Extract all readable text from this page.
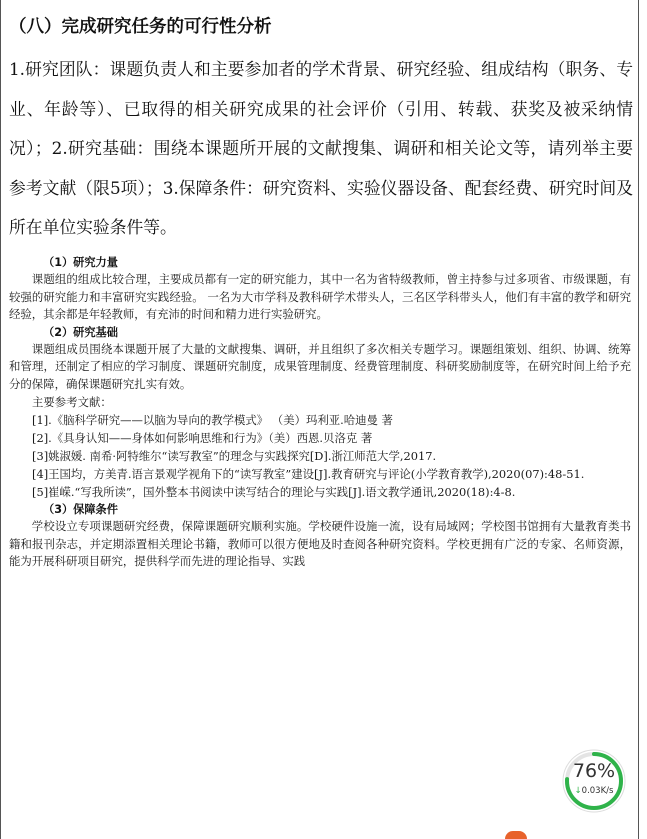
（八）完成研究任务的可行性分析
1.研究团队：课题负责人和主要参加者的学术背景、研究经验、组成结构（职务、专业、年龄等）、已取得的相关研究成果的社会评价（引用、转载、获奖及被采纳情况）；2.研究基础：围绕本课题所开展的文献搜集、调研和相关论文等，请列举主要参考文献（限5项）；3.保障条件：研究资料、实验仪器设备、配套经费、研究时间及所在单位实验条件等。
（1）研究力量

课题组的组成比较合理，主要成员都有一定的研究能力，其中一名为省特级教师，曾主持参与过多项省、市级课题，有较强的研究能力和丰富研究实践经验。 一名为大市学科及教科研学术带头人，三名区学科带头人，他们有丰富的教学和研究经验，其余都是年轻教师，有充沛的时间和精力进行实验研究。

（2）研究基础

课题组成员围绕本课题开展了大量的文献搜集、调研，并且组织了多次相关专题学习。课题组策划、组织、协调、统筹和管理，还制定了相应的学习制度、课题研究制度，成果管理制度、经费管理制度、科研奖励制度等，在研究时间上给予充分的保障，确保课题研究扎实有效。

主要参考文献：

[1].《脑科学研究——以脑为导向的教学模式》 （美）玛利亚.哈迪曼 著

[2].《具身认知——身体如何影响思维和行为》（美）西恩.贝洛克 著

[3]姚淑媛. 南希·阿特维尔“读写教室”的理念与实践探究[D].浙江师范大学,2017.

[4]王国均，方美青.语言景观学视角下的“读写教室”建设[J].教育研究与评论(小学教育教学),2020(07):48-51.

[5]崔嵘.“写我所读”，国外整本书阅读中读写结合的理论与实践[J].语文教学通讯,2020(18):4-8.

（3）保障条件

学校设立专项课题研究经费，保障课题研究顺利实施。学校硬件设施一流，设有局域网；学校图书馆拥有大量教育类书籍和报刊杂志，并定期添置相关理论书籍，教师可以很方便地及时查阅各种研究资料。学校更拥有广泛的专家、名师资源，能为开展科研项目研究，提供科学而先进的理论指导、实践

76%
↓0.03K/s
